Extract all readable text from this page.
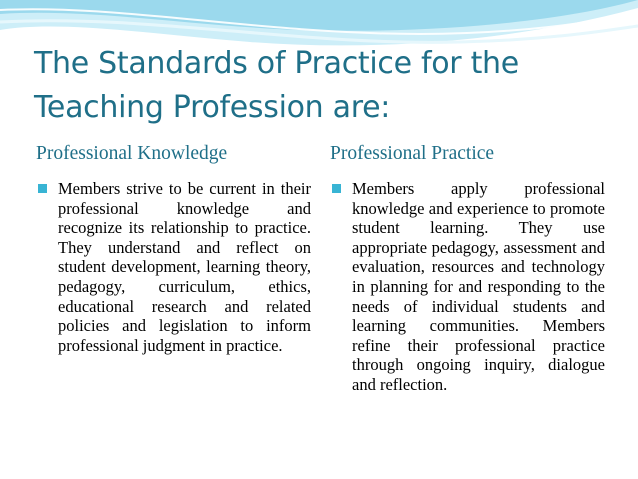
The Standards of Practice for the Teaching Profession are:
Professional Knowledge
Members strive to be current in their professional knowledge and recognize its relationship to practice. They understand and reflect on student development, learning theory, pedagogy, curriculum, ethics, educational research and related policies and legislation to inform professional judgment in practice.
Professional Practice
Members apply professional knowledge and experience to promote student learning. They use appropriate pedagogy, assessment and evaluation, resources and technology in planning for and responding to the needs of individual students and learning communities. Members refine their professional practice through ongoing inquiry, dialogue and reflection.
